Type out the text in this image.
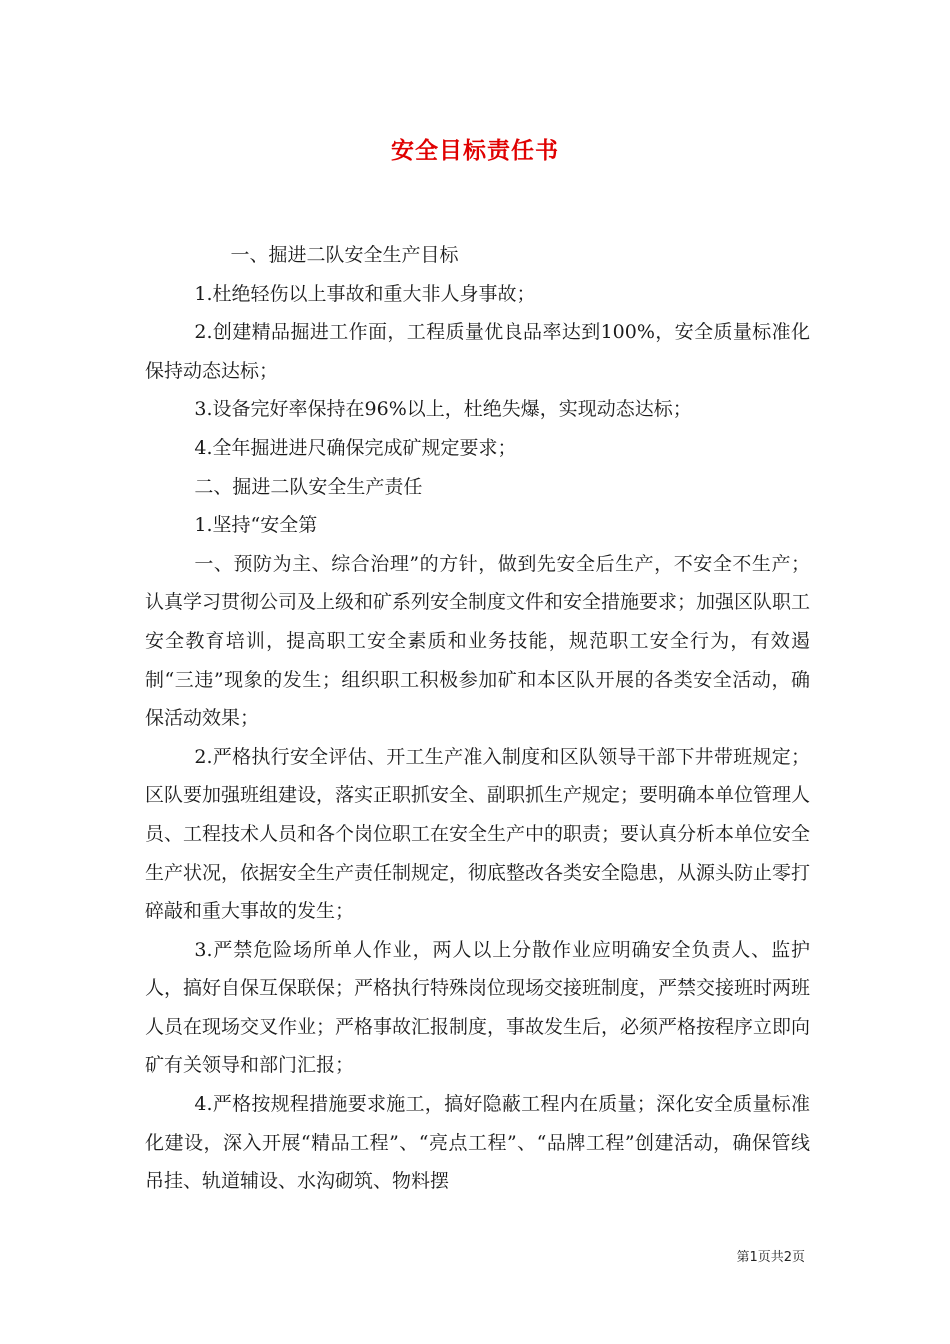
安全目标责任书

一、掘进二队安全生产目标

1.杜绝轻伤以上事故和重大非人身事故；

2.创建精品掘进工作面，工程质量优良品率达到100%，安全质量标准化保持动态达标；

3.设备完好率保持在96%以上，杜绝失爆，实现动态达标；

4.全年掘进进尺确保完成矿规定要求；

二、掘进二队安全生产责任

1.坚持“安全第

一、预防为主、综合治理”的方针，做到先安全后生产，不安全不生产；认真学习贯彻公司及上级和矿系列安全制度文件和安全措施要求；加强区队职工安全教育培训，提高职工安全素质和业务技能，规范职工安全行为，有效遏制“三违”现象的发生；组织职工积极参加矿和本区队开展的各类安全活动，确保活动效果；

2.严格执行安全评估、开工生产准入制度和区队领导干部下井带班规定；区队要加强班组建设，落实正职抓安全、副职抓生产规定；要明确本单位管理人员、工程技术人员和各个岗位职工在安全生产中的职责；要认真分析本单位安全生产状况，依据安全生产责任制规定，彻底整改各类安全隐患，从源头防止零打碎敲和重大事故的发生；

3.严禁危险场所单人作业，两人以上分散作业应明确安全负责人、监护人，搞好自保互保联保；严格执行特殊岗位现场交接班制度，严禁交接班时两班人员在现场交叉作业；严格事故汇报制度，事故发生后，必须严格按程序立即向矿有关领导和部门汇报；

4.严格按规程措施要求施工，搞好隐蔽工程内在质量；深化安全质量标准化建设，深入开展“精品工程”、“亮点工程”、“品牌工程”创建活动，确保管线吊挂、轨道辅设、水沟砌筑、物料摆

第1页共2页
